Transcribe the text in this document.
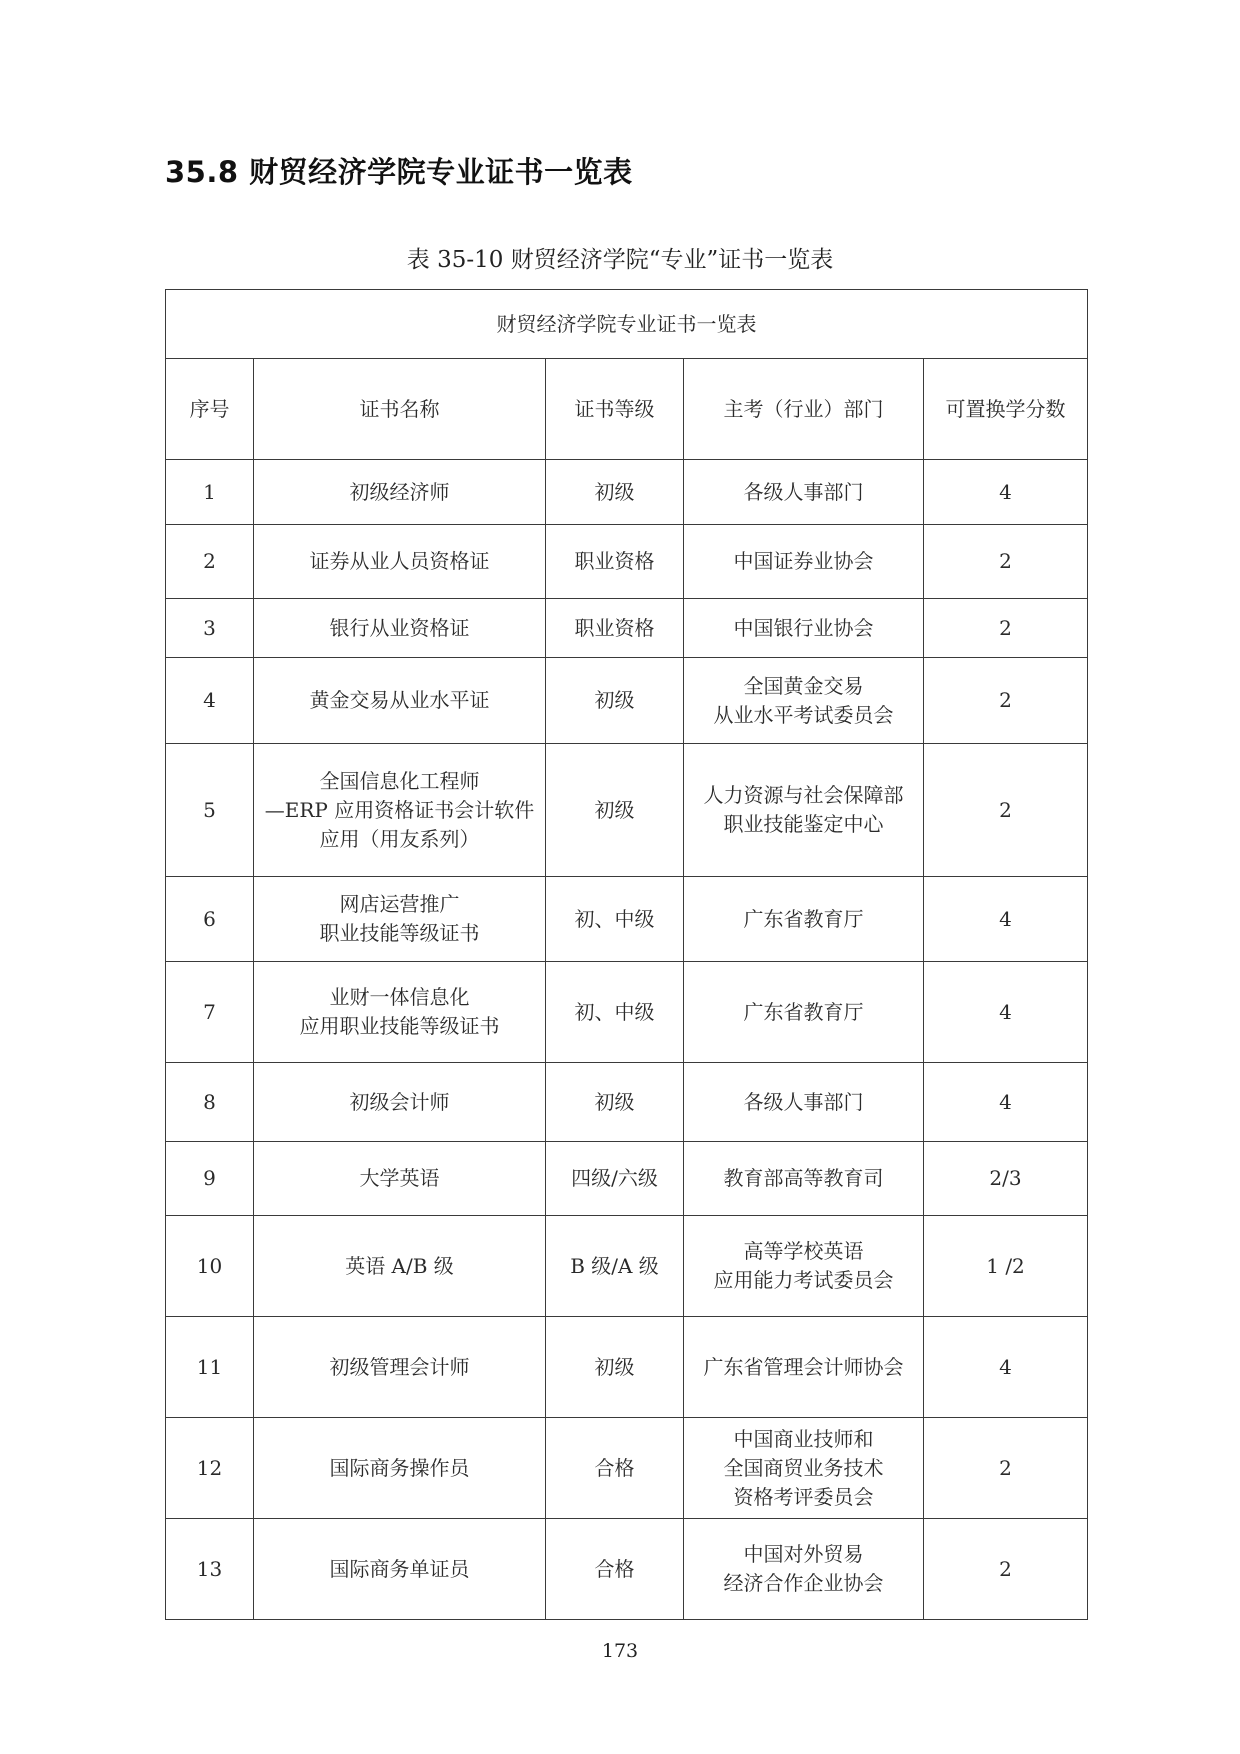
35.8 财贸经济学院专业证书一览表

表 35-10 财贸经济学院“专业”证书一览表

财贸经济学院专业证书一览表				
序号	证书名称	证书等级	主考（行业）部门	可置换学分数
1	初级经济师	初级	各级人事部门	4
2	证券从业人员资格证	职业资格	中国证券业协会	2
3	银行从业资格证	职业资格	中国银行业协会	2
4	黄金交易从业水平证	初级	全国黄金交易
从业水平考试委员会	2
5	全国信息化工程师
—ERP 应用资格证书会计软件
应用（用友系列）	初级	人力资源与社会保障部
职业技能鉴定中心	2
6	网店运营推广
职业技能等级证书	初、中级	广东省教育厅	4
7	业财一体信息化
应用职业技能等级证书	初、中级	广东省教育厅	4
8	初级会计师	初级	各级人事部门	4
9	大学英语	四级/六级	教育部高等教育司	2/3
10	英语 A/B 级	B 级/A 级	高等学校英语
应用能力考试委员会	1 /2
11	初级管理会计师	初级	广东省管理会计师协会	4
12	国际商务操作员	合格	中国商业技师和
全国商贸业务技术
资格考评委员会	2
13	国际商务单证员	合格	中国对外贸易
经济合作企业协会	2

173
